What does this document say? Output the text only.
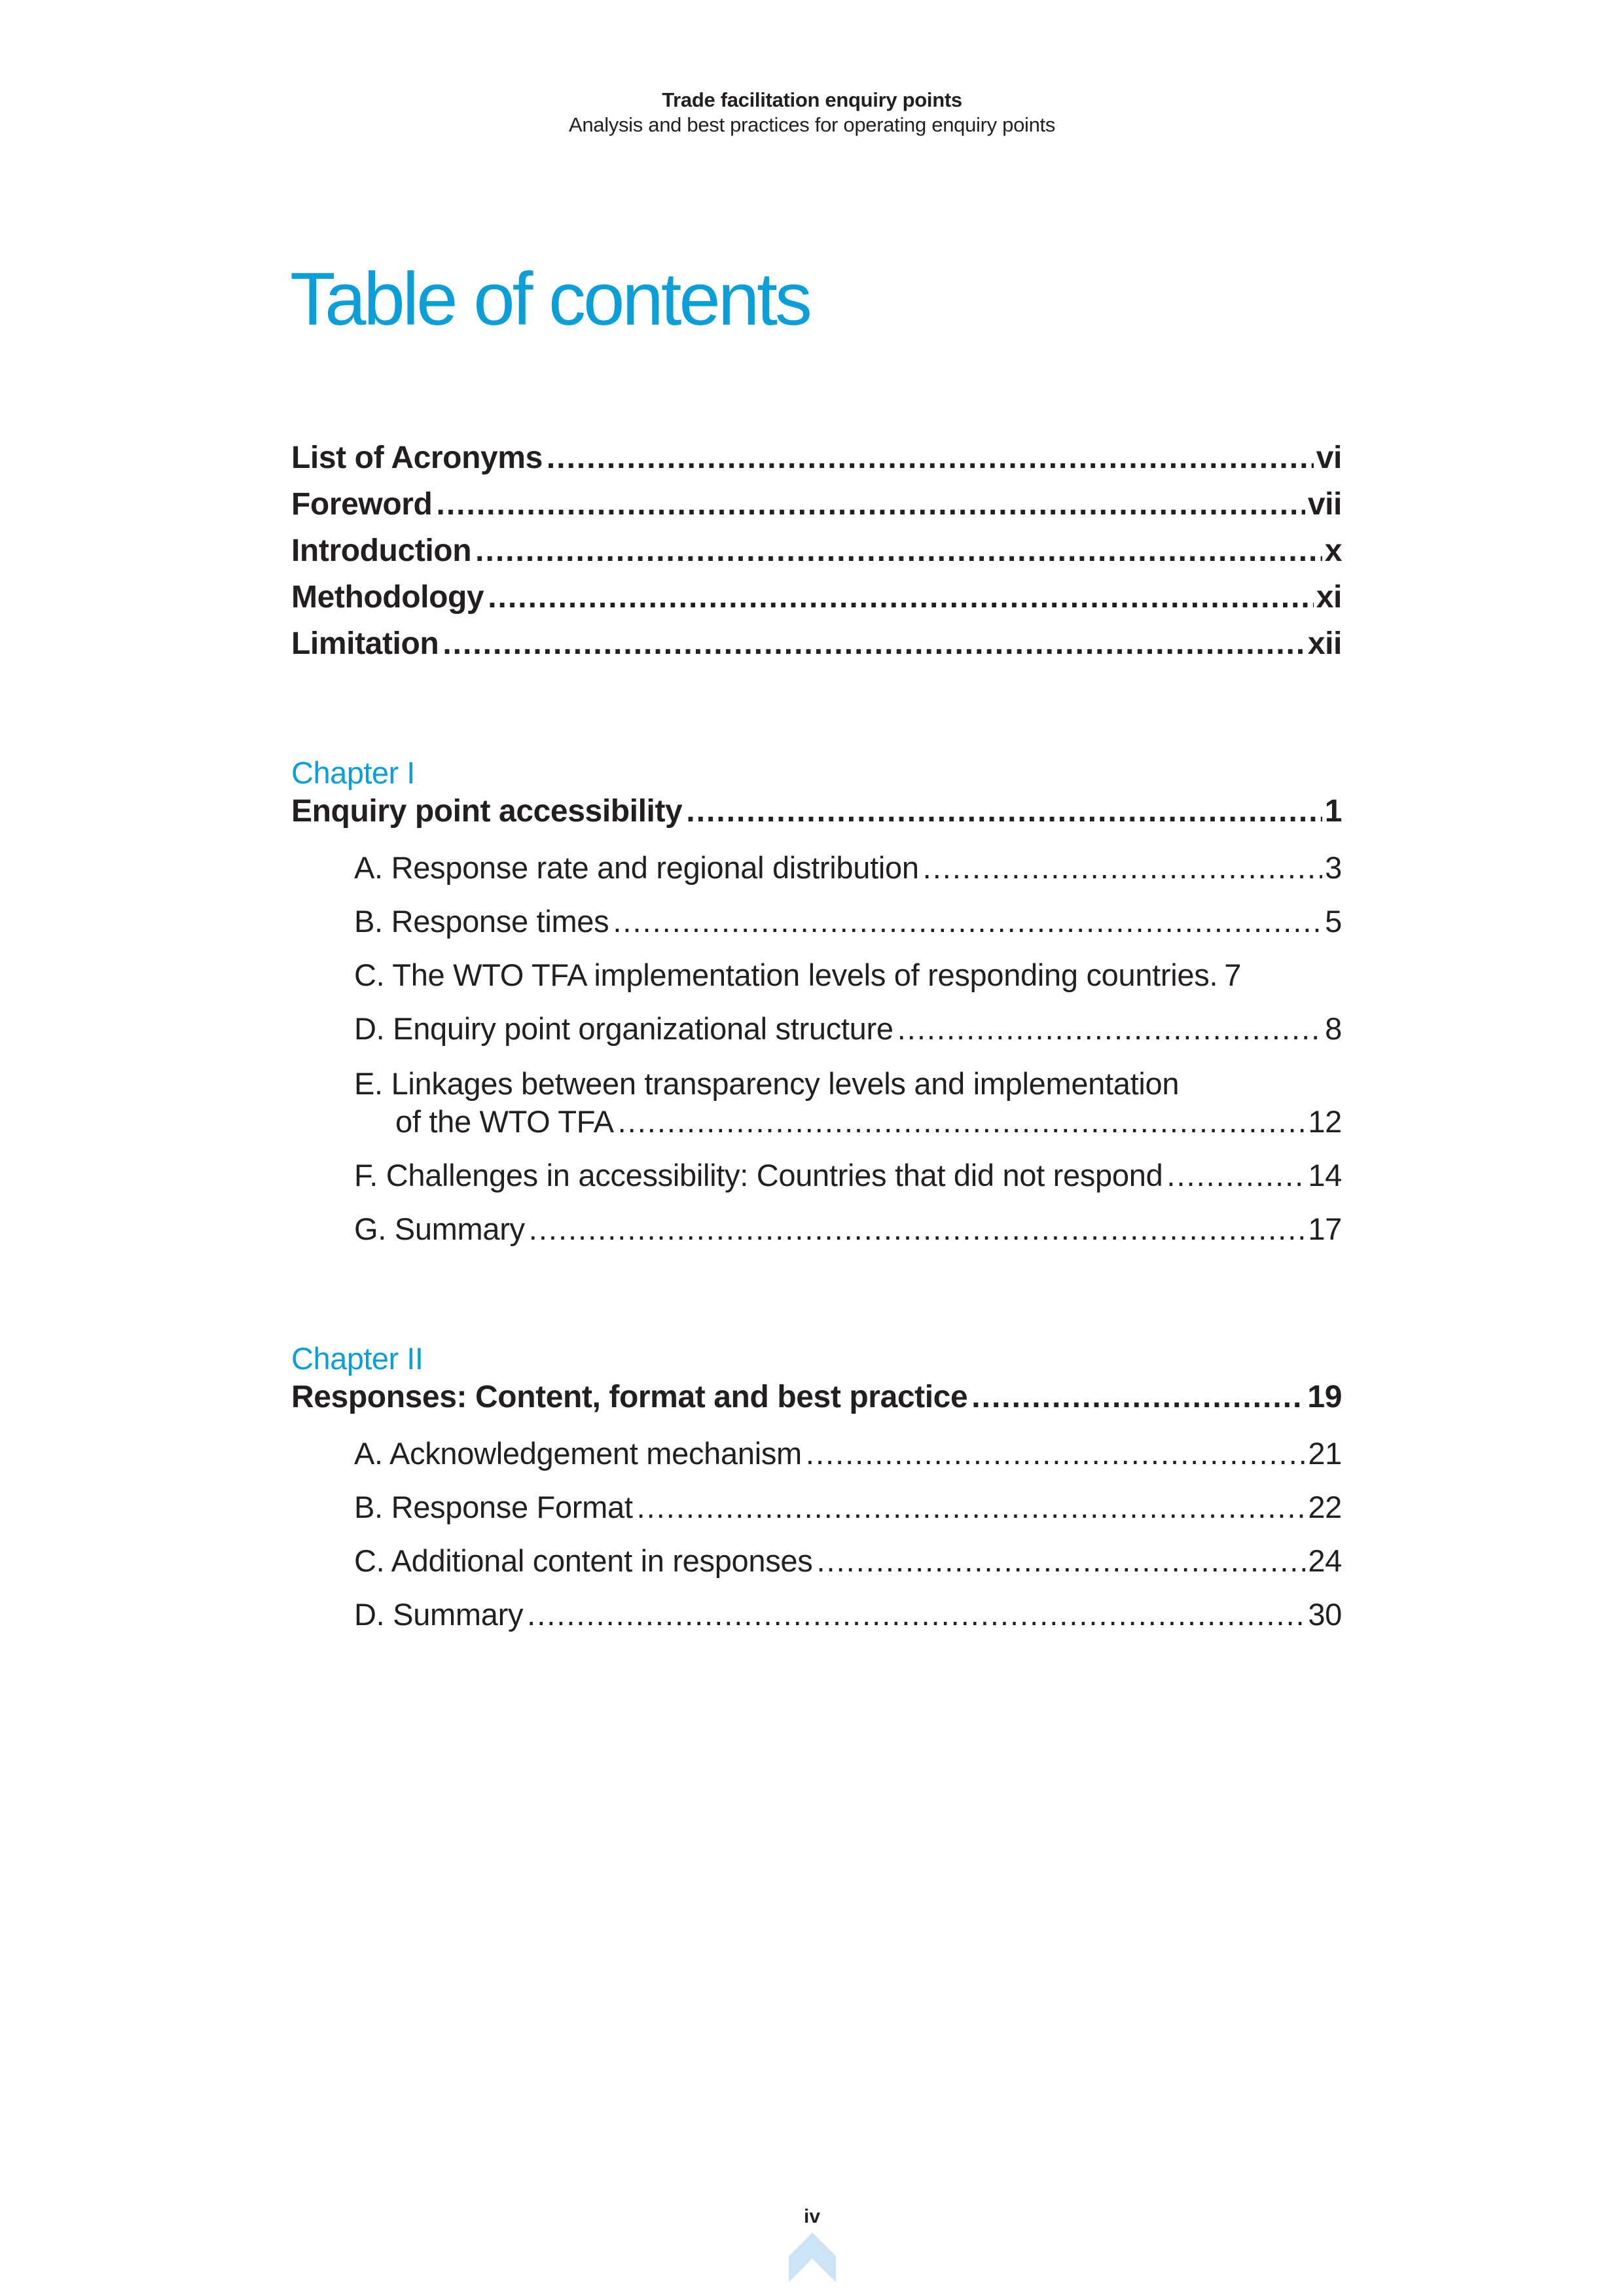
Trade facilitation enquiry points
Analysis and best practices for operating enquiry points
Table of contents
List of Acronyms .....	vi
Foreword .....	vii
Introduction .....	x
Methodology .....	xi
Limitation .....	xii
Chapter I
Enquiry point accessibility .....	1
A. Response rate and regional distribution .....	3
B. Response times .....	5
C. The WTO TFA implementation levels of responding countries. 7
D. Enquiry point organizational structure .....	8
E. Linkages between transparency levels and implementation
of the WTO TFA .....	12
F. Challenges in accessibility: Countries that did not respond .....	14
G. Summary .....	17
Chapter II
Responses: Content, format and best practice .....	19
A. Acknowledgement mechanism .....	21
B. Response Format .....	22
C. Additional content in responses .....	24
D. Summary .....	30
iv
